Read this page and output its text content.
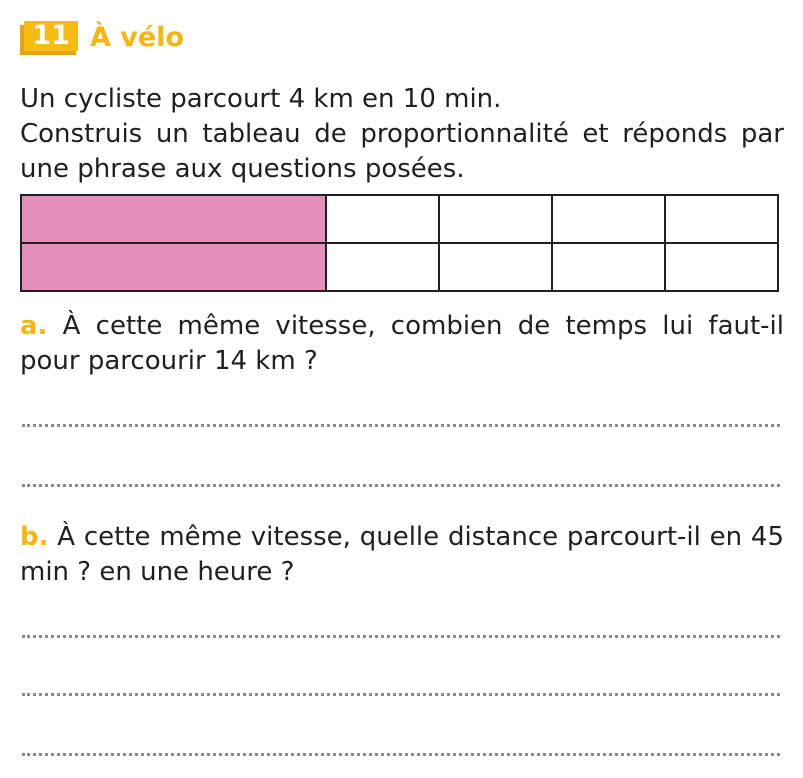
11 À vélo

Un cycliste parcourt 4 km en 10 min.

Construis un tableau de proportionnalité et réponds par une phrase aux questions posées.

a. À cette même vitesse, combien de temps lui faut-il pour parcourir 14 km ?

b. À cette même vitesse, quelle distance parcourt-il en 45 min ? en une heure ?
